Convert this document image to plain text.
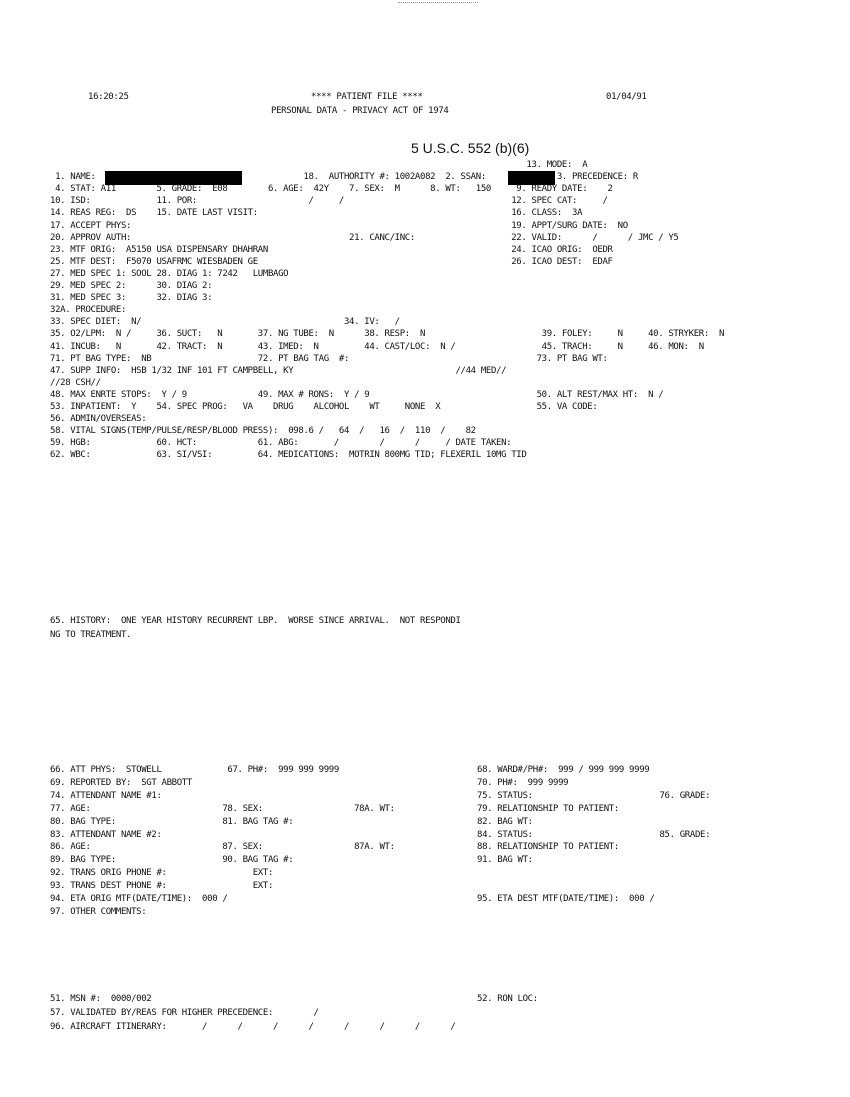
16:20:25	**** PATIENT FILE ****
PERSONAL DATA - PRIVACY ACT OF 1974
01/04/91
5 U.S.C. 552 (b)(6)
51. MSN #:  0000/002	52. RON LOC:
57. VALIDATED BY/REAS FOR HIGHER PRECEDENCE:        /
96. AIRCRAFT ITINERARY:       /      /      /      /      /      /      /      /
13. MODE:  A
1. NAME:                                         18.  AUTHORITY #: 1002A082  2. SSAN:              3. PRECEDENCE: R
4. STAT: A11        5. GRADE:  E08        6. AGE:  42Y    7. SEX:  M      8. WT:   150     9. READY DATE:    2
10. ISD:             11. POR:                      /     /                                 12. SPEC CAT:     /
14. REAS REG:  DS    15. DATE LAST VISIT:                                                  16. CLASS:  3A
17. ACCEPT PHYS:                                                                           19. APPT/SURG DATE:  NO
20. APPROV AUTH:                                           21. CANC/INC:                   22. VALID:      /      / JMC / Y5
23. MTF ORIG:  A5150 USA DISPENSARY DHAHRAN                                                24. ICAO ORIG:  OEDR
25. MTF DEST:  F5070 USAFRMC WIESBADEN GE                                                  26. ICAO DEST:  EDAF
27. MED SPEC 1: SOOL 28. DIAG 1: 7242   LUMBAGO
29. MED SPEC 2:      30. DIAG 2:
31. MED SPEC 3:      32. DIAG 3:
32A. PROCEDURE:
33. SPEC DIET:  N/                                        34. IV:   /
35. O2/LPM:  N /     36. SUCT:   N       37. NG TUBE:  N      38. RESP:  N                       39. FOLEY:     N     40. STRYKER:  N
41. INCUB:   N       42. TRACT:  N       43. IMED:  N         44. CAST/LOC:  N /                 45. TRACH:     N     46. MON:  N
71. PT BAG TYPE:  NB                     72. PT BAG TAG  #:                                     73. PT BAG WT:
47. SUPP INFO:  HSB 1/32 INF 101 FT CAMPBELL, KY                                //44 MED//
//28 CSH//
48. MAX ENRTE STOPS:  Y / 9              49. MAX # RONS:  Y / 9                                 50. ALT REST/MAX HT:  N /
53. INPATIENT:  Y    54. SPEC PROG:   VA    DRUG    ALCOHOL    WT     NONE  X                   55. VA CODE:
56. ADMIN/OVERSEAS:
58. VITAL SIGNS(TEMP/PULSE/RESP/BLOOD PRESS):  098.6 /   64  /   16  /  110  /    82
59. HGB:             60. HCT:            61. ABG:       /        /      /     / DATE TAKEN:
62. WBC:             63. SI/VSI:         64. MEDICATIONS:  MOTRIN 800MG TID; FLEXERIL 10MG TID
65. HISTORY:  ONE YEAR HISTORY RECURRENT LBP.  WORSE SINCE ARRIVAL.  NOT RESPONDI
NG TO TREATMENT.
66. ATT PHYS:  STOWELL             67. PH#:  999 999 9999
69. REPORTED BY:  SGT ABBOTT
74. ATTENDANT NAME #1:
77. AGE:                          78. SEX:                  78A. WT:
80. BAG TYPE:                     81. BAG TAG #:
83. ATTENDANT NAME #2:
86. AGE:                          87. SEX:                  87A. WT:
89. BAG TYPE:                     90. BAG TAG #:
92. TRANS ORIG PHONE #:                 EXT:
93. TRANS DEST PHONE #:                 EXT:
94. ETA ORIG MTF(DATE/TIME):  000 /
97. OTHER COMMENTS:
68. WARD#/PH#:  999 / 999 999 9999
70. PH#:  999 9999
75. STATUS:                         76. GRADE:
79. RELATIONSHIP TO PATIENT:
82. BAG WT:
84. STATUS:                         85. GRADE:
88. RELATIONSHIP TO PATIENT:
91. BAG WT:
95. ETA DEST MTF(DATE/TIME):  000 /
